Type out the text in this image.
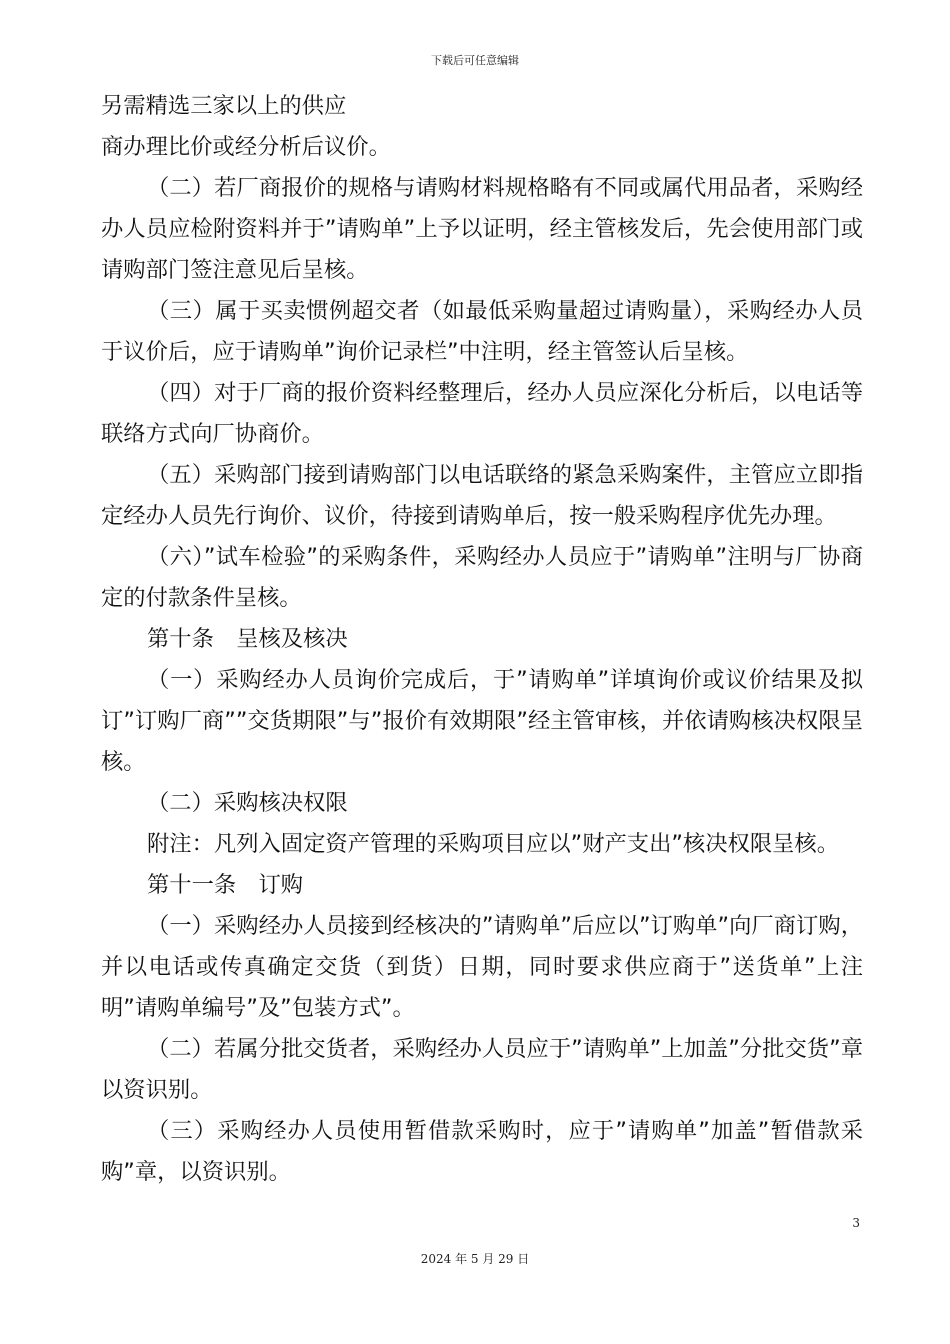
下载后可任意编辑

另需精选三家以上的供应

商办理比价或经分析后议价。

（二）若厂商报价的规格与请购材料规格略有不同或属代用品者，采购经办人员应检附资料并于”请购单”上予以证明，经主管核发后，先会使用部门或请购部门签注意见后呈核。

（三）属于买卖惯例超交者（如最低采购量超过请购量），采购经办人员于议价后，应于请购单”询价记录栏”中注明，经主管签认后呈核。

（四）对于厂商的报价资料经整理后，经办人员应深化分析后，以电话等联络方式向厂协商价。

（五）采购部门接到请购部门以电话联络的紧急采购案件，主管应立即指定经办人员先行询价、议价，待接到请购单后，按一般采购程序优先办理。

（六）”试车检验”的采购条件，采购经办人员应于”请购单”注明与厂协商定的付款条件呈核。

第十条　呈核及核决

（一）采购经办人员询价完成后，于”请购单”详填询价或议价结果及拟订”订购厂商””交货期限”与”报价有效期限”经主管审核，并依请购核决权限呈核。

（二）采购核决权限

附注：凡列入固定资产管理的采购项目应以”财产支出”核决权限呈核。

第十一条　订购

（一）采购经办人员接到经核决的”请购单”后应以”订购单”向厂商订购，并以电话或传真确定交货（到货）日期，同时要求供应商于”送货单”上注明”请购单编号”及”包装方式”。

（二）若属分批交货者，采购经办人员应于”请购单”上加盖”分批交货”章以资识别。

（三）采购经办人员使用暂借款采购时，应于”请购单”加盖”暂借款采购”章，以资识别。

3
2024 年 5 月 29 日
